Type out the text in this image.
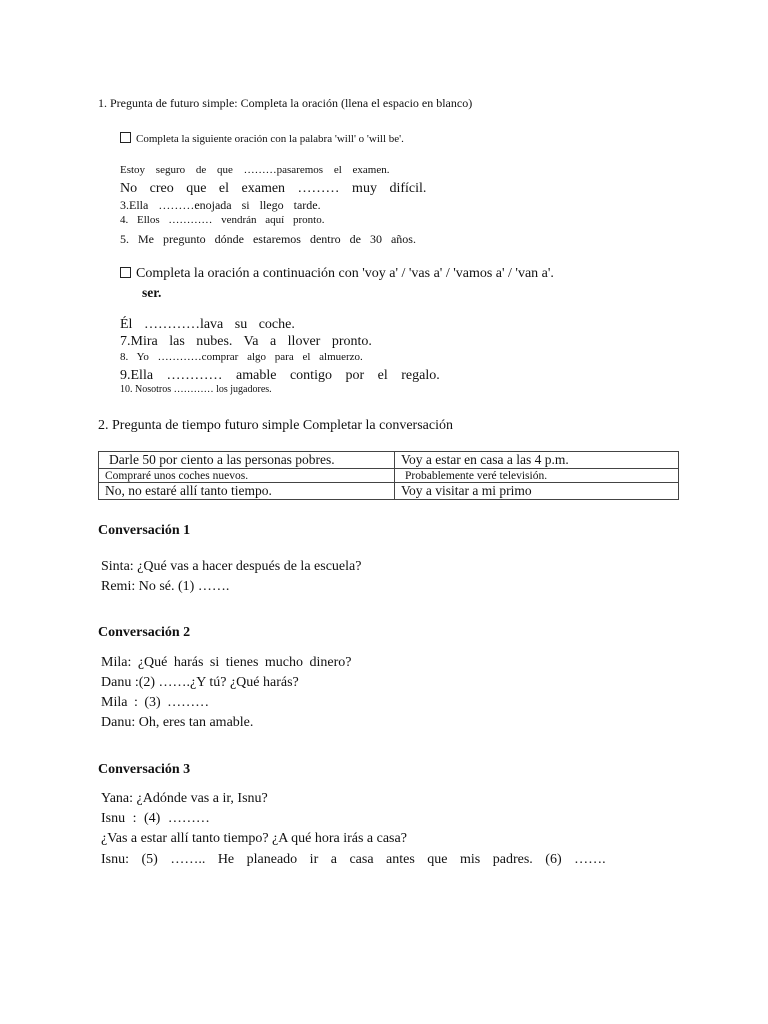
1. Pregunta de futuro simple: Completa la oración (llena el espacio en blanco)
Completa la siguiente oración con la palabra 'will' o 'will be'.
Estoy seguro de que ………pasaremos el examen.
No creo que el examen ……… muy difícil.
3.Ella ………enojada si llego tarde.
4. Ellos ………… vendrán aquí pronto.
5. Me pregunto dónde estaremos dentro de 30 años.
Completa la oración a continuación con 'voy a' / 'vas a' / 'vamos a' / 'van a'.
ser.
Él …………lava su coche.
7.Mira las nubes. Va a llover pronto.
8. Yo …………comprar algo para el almuerzo.
9.Ella ………… amable contigo por el regalo.
10. Nosotros ………… los jugadores.
2. Pregunta de tiempo futuro simple Completar la conversación
Darle 50 por ciento a las personas pobres.	Voy a estar en casa a las 4 p.m.
Compraré unos coches nuevos.	Probablemente veré televisión.
No, no estaré allí tanto tiempo.	Voy a visitar a mi primo
Conversación 1
Sinta: ¿Qué vas a hacer después de la escuela?
Remi: No sé. (1) …….
Conversación 2
Mila: ¿Qué harás si tienes mucho dinero?
Danu :(2) …….¿Y tú? ¿Qué harás?
Mila : (3) ………
Danu: Oh, eres tan amable.
Conversación 3
Yana: ¿Adónde vas a ir, Isnu?
Isnu : (4) ………
¿Vas a estar allí tanto tiempo? ¿A qué hora irás a casa?
Isnu: (5) …….. He planeado ir a casa antes que mis padres. (6) …….
